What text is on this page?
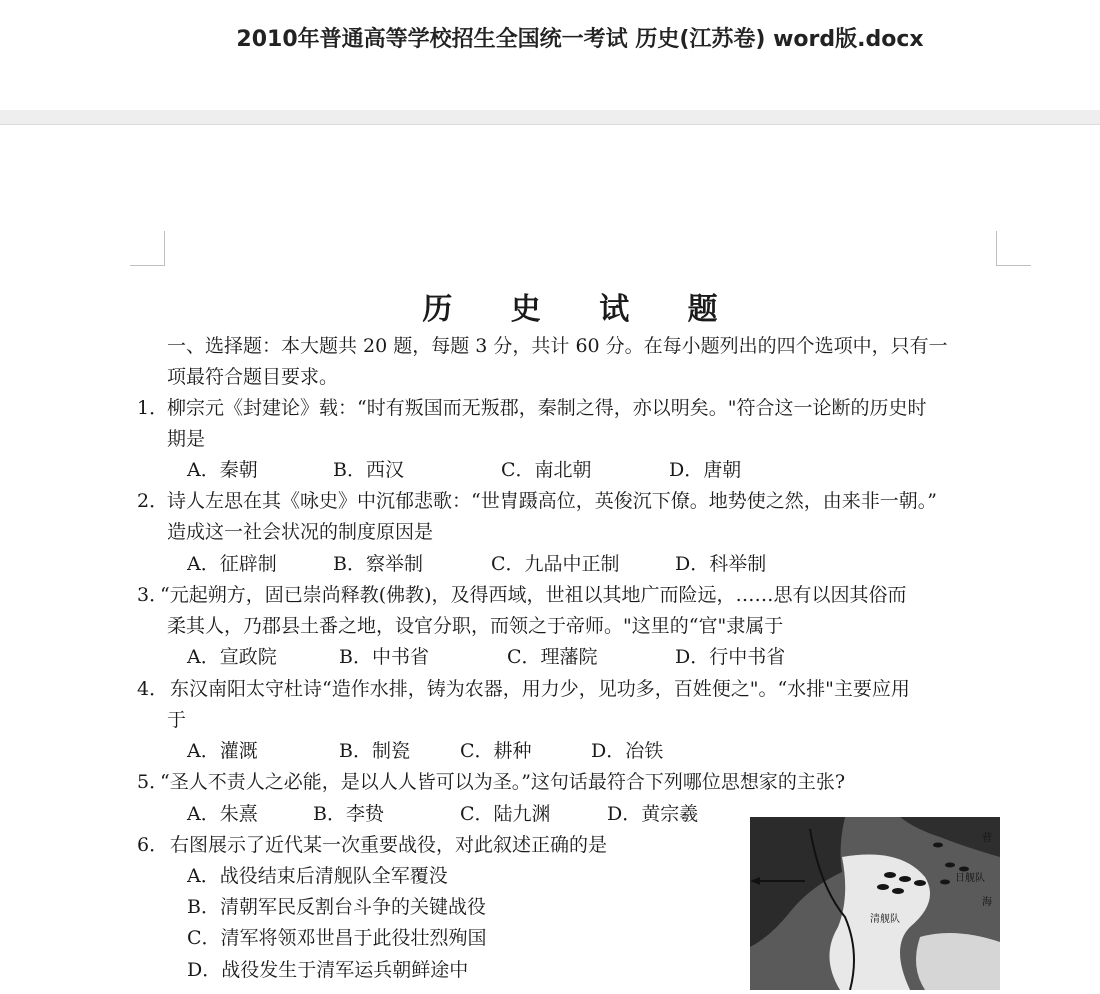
2010年普通高等学校招生全国统一考试 历史(江苏卷) word版.docx
历 史 试 题
一、选择题：本大题共 20 题，每题 3 分，共计 60 分。在每小题列出的四个选项中，只有一
项最符合题目要求。
1．
柳宗元《封建论》载：“时有叛国而无叛郡，秦制之得，亦以明矣。"符合这一论断的历史时
期是
A．秦朝	B．西汉	C．南北朝	D．唐朝
2．
诗人左思在其《咏史》中沉郁悲歌：“世胄蹑高位，英俊沉下僚。地势使之然，由来非一朝。”
造成这一社会状况的制度原因是
A．征辟制	B．察举制	C．九品中正制	D．科举制
3．
“元起朔方，固已崇尚释教(佛教)，及得西域，世祖以其地广而险远，……思有以因其俗而
柔其人，乃郡县土番之地，设官分职，而领之于帝师。"这里的“官"隶属于
A．宣政院	B．中书省	C．理藩院	D．行中书省
4． 东汉南阳太守杜诗“造作水排，铸为农器，用力少，见功多，百姓便之"。“水排"主要应用
于
A．灌溉	B．制瓷	C．耕种	D．冶铁
5．
“圣人不责人之必能，是以人人皆可以为圣。”这句话最符合下列哪位思想家的主张?
A．朱熹	B．李贽	C．陆九渊	D．黄宗羲
6． 右图展示了近代某一次重要战役，对此叙述正确的是
A．战役结束后清舰队全军覆没
B．清朝军民反割台斗争的关键战役
C．清军将领邓世昌于此役壮烈殉国
D．战役发生于清军运兵朝鲜途中
日舰队
清舰队
营
海
